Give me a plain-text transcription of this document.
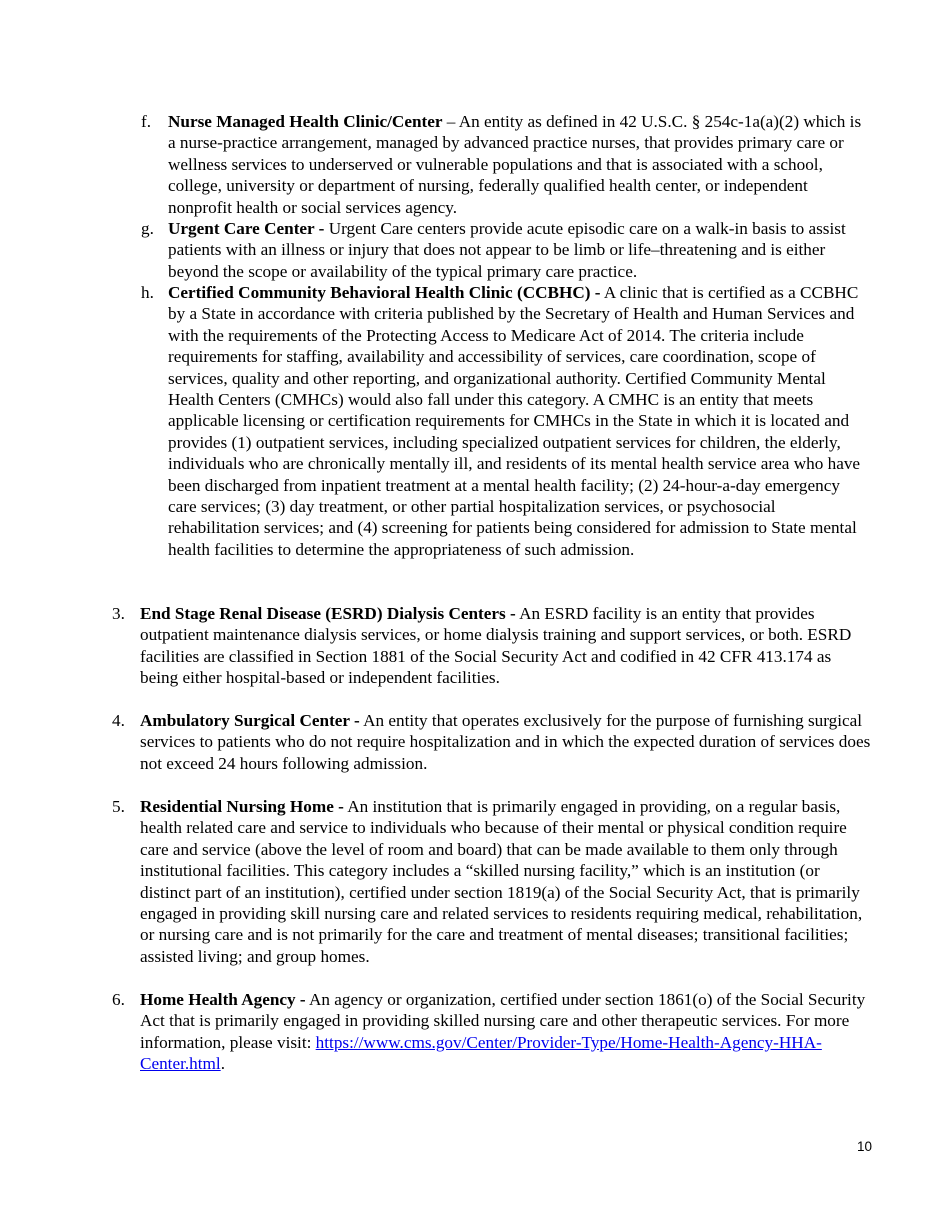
f. Nurse Managed Health Clinic/Center – An entity as defined in 42 U.S.C. § 254c-1a(a)(2) which is a nurse-practice arrangement, managed by advanced practice nurses, that provides primary care or wellness services to underserved or vulnerable populations and that is associated with a school, college, university or department of nursing, federally qualified health center, or independent nonprofit health or social services agency.

g. Urgent Care Center - Urgent Care centers provide acute episodic care on a walk-in basis to assist patients with an illness or injury that does not appear to be limb or life–threatening and is either beyond the scope or availability of the typical primary care practice.

h. Certified Community Behavioral Health Clinic (CCBHC) - A clinic that is certified as a CCBHC by a State in accordance with criteria published by the Secretary of Health and Human Services and with the requirements of the Protecting Access to Medicare Act of 2014. The criteria include requirements for staffing, availability and accessibility of services, care coordination, scope of services, quality and other reporting, and organizational authority. Certified Community Mental Health Centers (CMHCs) would also fall under this category. A CMHC is an entity that meets applicable licensing or certification requirements for CMHCs in the State in which it is located and provides (1) outpatient services, including specialized outpatient services for children, the elderly, individuals who are chronically mentally ill, and residents of its mental health service area who have been discharged from inpatient treatment at a mental health facility; (2) 24-hour-a-day emergency care services; (3) day treatment, or other partial hospitalization services, or psychosocial rehabilitation services; and (4) screening for patients being considered for admission to State mental health facilities to determine the appropriateness of such admission.

3. End Stage Renal Disease (ESRD) Dialysis Centers - An ESRD facility is an entity that provides outpatient maintenance dialysis services, or home dialysis training and support services, or both. ESRD facilities are classified in Section 1881 of the Social Security Act and codified in 42 CFR 413.174 as being either hospital-based or independent facilities.

4. Ambulatory Surgical Center - An entity that operates exclusively for the purpose of furnishing surgical services to patients who do not require hospitalization and in which the expected duration of services does not exceed 24 hours following admission.

5. Residential Nursing Home - An institution that is primarily engaged in providing, on a regular basis, health related care and service to individuals who because of their mental or physical condition require care and service (above the level of room and board) that can be made available to them only through institutional facilities. This category includes a “skilled nursing facility,” which is an institution (or distinct part of an institution), certified under section 1819(a) of the Social Security Act, that is primarily engaged in providing skill nursing care and related services to residents requiring medical, rehabilitation, or nursing care and is not primarily for the care and treatment of mental diseases; transitional facilities; assisted living; and group homes.

6. Home Health Agency - An agency or organization, certified under section 1861(o) of the Social Security Act that is primarily engaged in providing skilled nursing care and other therapeutic services. For more information, please visit: https://www.cms.gov/Center/Provider-Type/Home-Health-Agency-HHA-Center.html.

10
